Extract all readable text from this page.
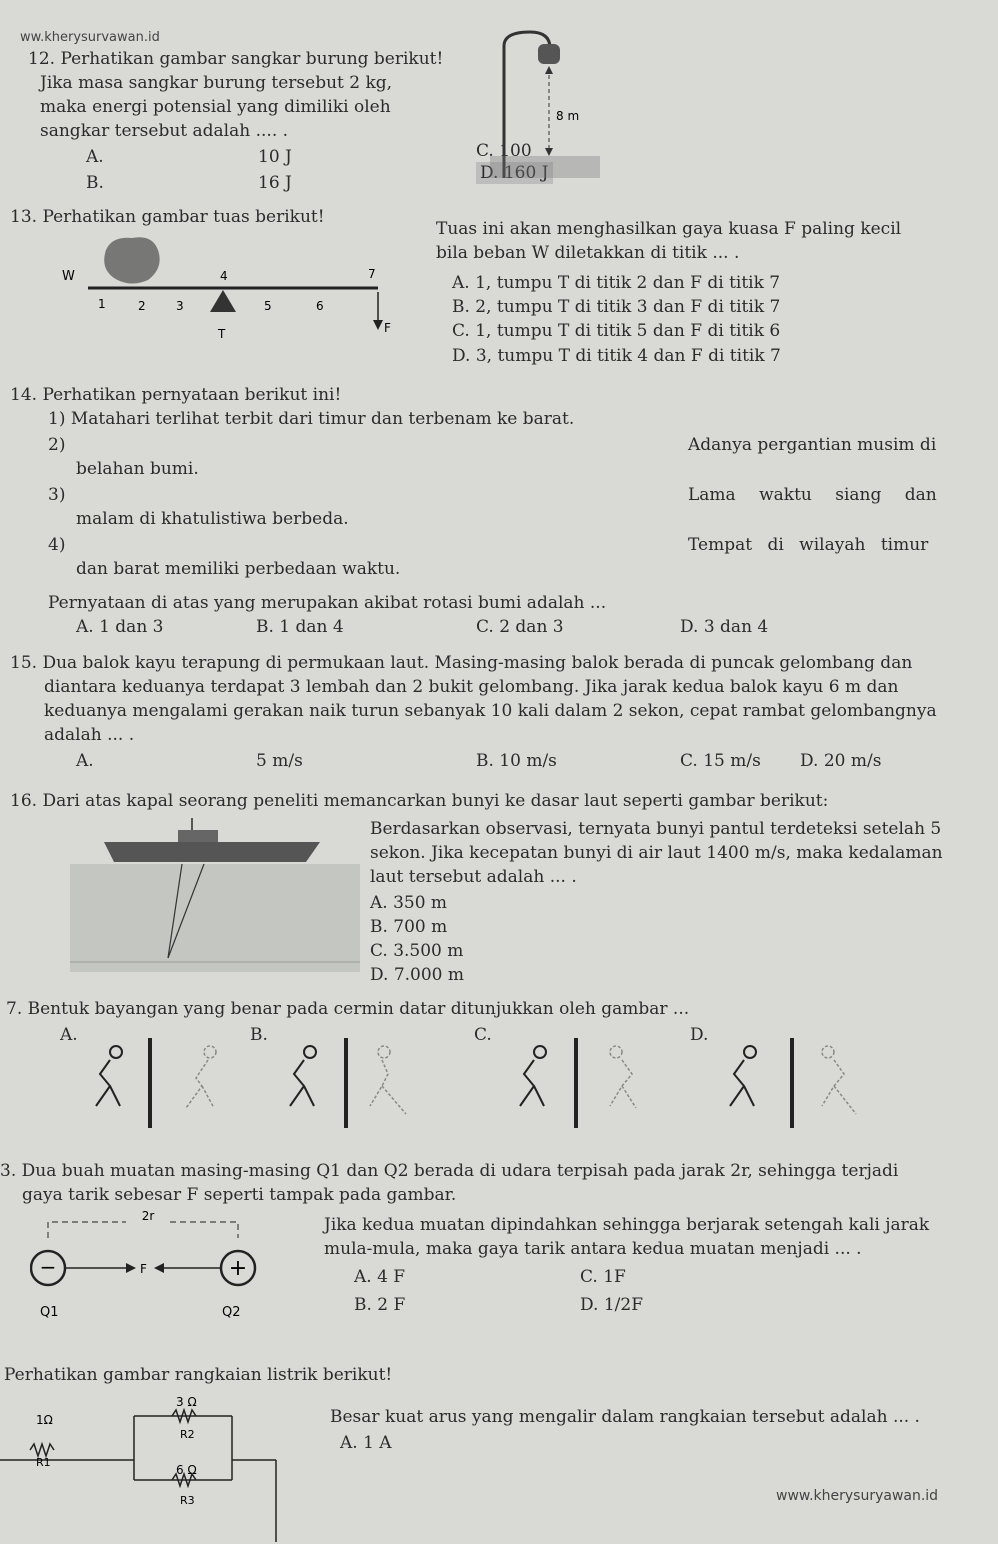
ww.kherysurvawan.id
12. Perhatikan gambar sangkar burung berikut!
Jika masa sangkar burung tersebut 2 kg,
maka energi potensial yang dimiliki oleh
sangkar tersebut adalah .... .
A.	10 J
B.	16 J
C. 100
D. 160 J
8 m
13. Perhatikan gambar tuas berikut!
Tuas ini akan menghasilkan gaya kuasa F paling kecil
bila beban W diletakkan di titik ... .
A. 1, tumpu T di titik 2 dan F di titik 7
B. 2, tumpu T di titik 3 dan F di titik 7
C. 1, tumpu T di titik 5 dan F di titik 6
D. 3, tumpu T di titik 4 dan F di titik 7
W
1	2	3
4
5	6
7
T	F
14. Perhatikan pernyataan berikut ini!
1) Matahari terlihat terbit dari timur dan terbenam ke barat.
2)	Adanya pergantian musim di
belahan bumi.
3)	Lama waktu siang dan
malam di khatulistiwa berbeda.
4)	Tempat di wilayah timur
dan barat memiliki perbedaan waktu.
Pernyataan di atas yang merupakan akibat rotasi bumi adalah ...
A. 1 dan 3	B. 1 dan 4	C. 2 dan 3	D. 3 dan 4
15. Dua balok kayu terapung di permukaan laut. Masing-masing balok berada di puncak gelombang dan
diantara keduanya terdapat 3 lembah dan 2 bukit gelombang. Jika jarak kedua balok kayu 6 m dan
keduanya mengalami gerakan naik turun sebanyak 10 kali dalam 2 sekon, cepat rambat gelombangnya
adalah ... .
A.	5 m/s	B. 10 m/s	C. 15 m/s D. 20 m/s
16. Dari atas kapal seorang peneliti memancarkan bunyi ke dasar laut seperti gambar berikut:
Berdasarkan observasi, ternyata bunyi pantul terdeteksi setelah 5
sekon. Jika kecepatan bunyi di air laut 1400 m/s, maka kedalaman
laut tersebut adalah ... .
A. 350 m
B. 700 m
C. 3.500 m
D. 7.000 m
7. Bentuk bayangan yang benar pada cermin datar ditunjukkan oleh gambar ...
A.	B.	C.	D.
3. Dua buah muatan masing-masing Q1 dan Q2 berada di udara terpisah pada jarak 2r, sehingga terjadi
gaya tarik sebesar F seperti tampak pada gambar.
Jika kedua muatan dipindahkan sehingga berjarak setengah kali jarak
mula-mula, maka gaya tarik antara kedua muatan menjadi ... .
A. 4 F	C. 1F
B. 2 F	D. 1/2F
2r
−	+
F
Q1	Q2
Perhatikan gambar rangkaian listrik berikut!
Besar kuat arus yang mengalir dalam rangkaian tersebut adalah ... .
A. 1 A
1Ω
R1
3 Ω
R2
6 Ω
R3	www.kherysuryawan.id
